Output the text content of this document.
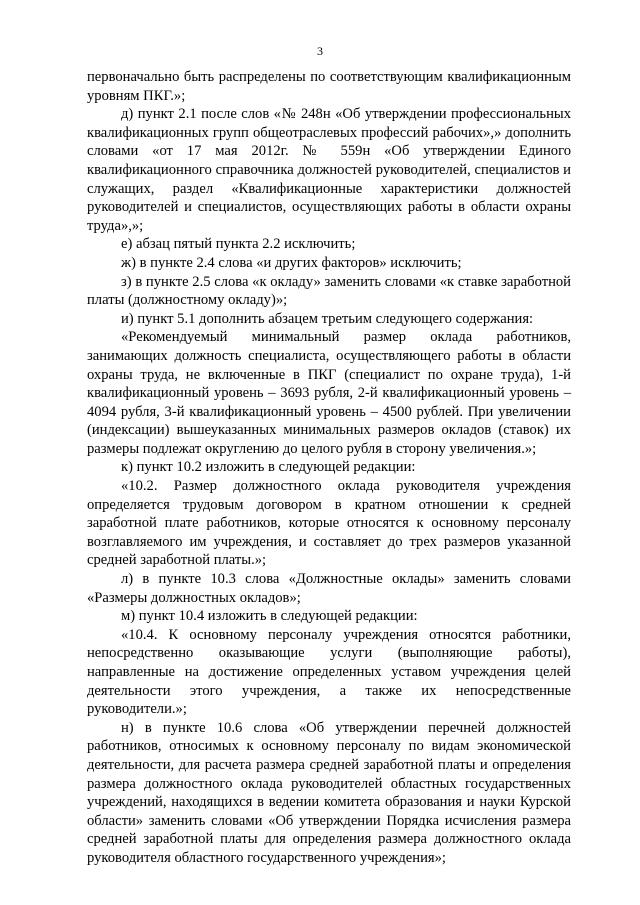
3

первоначально быть распределены по соответствующим квалификационным уровням ПКГ.»;

д) пункт 2.1 после слов «№ 248н «Об утверждении профессиональных квалификационных групп общеотраслевых профессий рабочих»,» дополнить словами «от 17 мая 2012г. № 559н «Об утверждении Единого квалификационного справочника должностей руководителей, специалистов и служащих, раздел «Квалификационные характеристики должностей руководителей и специалистов, осуществляющих работы в области охраны труда»,»;

е) абзац пятый пункта 2.2 исключить;

ж) в пункте 2.4 слова «и других факторов» исключить;

з) в пункте 2.5 слова «к окладу» заменить словами «к ставке заработной платы (должностному окладу)»;

и) пункт 5.1 дополнить абзацем третьим следующего содержания:

«Рекомендуемый минимальный размер оклада работников, занимающих должность специалиста, осуществляющего работы в области охраны труда, не включенные в ПКГ (специалист по охране труда), 1-й квалификационный уровень – 3693 рубля, 2-й квалификационный уровень – 4094 рубля, 3-й квалификационный уровень – 4500 рублей. При увеличении (индексации) вышеуказанных минимальных размеров окладов (ставок) их размеры подлежат округлению до целого рубля в сторону увеличения.»;

к) пункт 10.2 изложить в следующей редакции:

«10.2. Размер должностного оклада руководителя учреждения определяется трудовым договором в кратном отношении к средней заработной плате работников, которые относятся к основному персоналу возглавляемого им учреждения, и составляет до трех размеров указанной средней заработной платы.»;

л) в пункте 10.3 слова «Должностные оклады» заменить словами «Размеры должностных окладов»;

м) пункт 10.4 изложить в следующей редакции:

«10.4. К основному персоналу учреждения относятся работники, непосредственно оказывающие услуги (выполняющие работы), направленные на достижение определенных уставом учреждения целей деятельности этого учреждения, а также их непосредственные руководители.»;

н) в пункте 10.6 слова «Об утверждении перечней должностей работников, относимых к основному персоналу по видам экономической деятельности, для расчета размера средней заработной платы и определения размера должностного оклада руководителей областных государственных учреждений, находящихся в ведении комитета образования и науки Курской области» заменить словами «Об утверждении Порядка исчисления размера средней заработной платы для определения размера должностного оклада руководителя областного государственного учреждения»;
